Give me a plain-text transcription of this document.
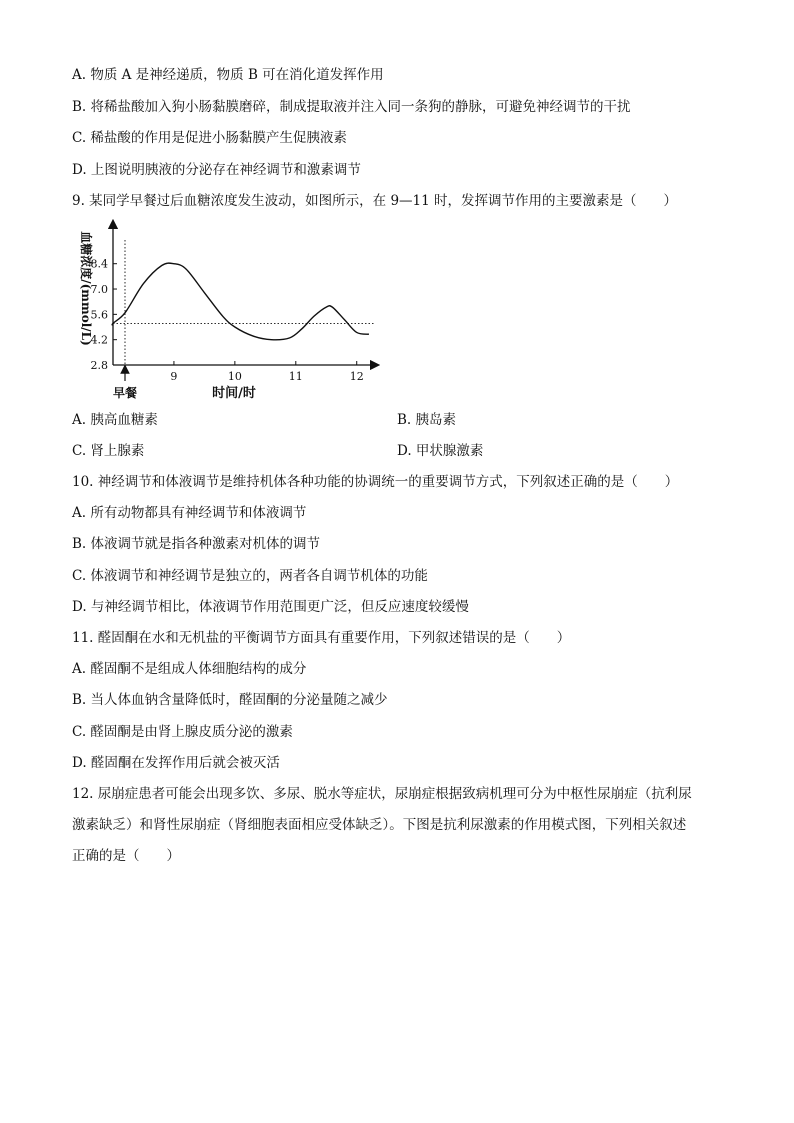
A. 物质 A 是神经递质，物质 B 可在消化道发挥作用
B. 将稀盐酸加入狗小肠黏膜磨碎，制成提取液并注入同一条狗的静脉，可避免神经调节的干扰
C. 稀盐酸的作用是促进小肠黏膜产生促胰液素
D. 上图说明胰液的分泌存在神经调节和激素调节
9. 某同学早餐过后血糖浓度发生波动，如图所示，在 9—11 时，发挥调节作用的主要激素是（　　）
2.8
4.2
5.6
7.0
8.4
9	10	11	12
早餐	时间/时
血糖浓度/(mmol/L)
A. 胰高血糖素	B. 胰岛素
C. 肾上腺素	D. 甲状腺激素
10. 神经调节和体液调节是维持机体各种功能的协调统一的重要调节方式，下列叙述正确的是（　　）
A. 所有动物都具有神经调节和体液调节
B. 体液调节就是指各种激素对机体的调节
C. 体液调节和神经调节是独立的，两者各自调节机体的功能
D. 与神经调节相比，体液调节作用范围更广泛，但反应速度较缓慢
11. 醛固酮在水和无机盐的平衡调节方面具有重要作用，下列叙述错误的是（　　）
A. 醛固酮不是组成人体细胞结构的成分
B. 当人体血钠含量降低时，醛固酮的分泌量随之减少
C. 醛固酮是由肾上腺皮质分泌的激素
D. 醛固酮在发挥作用后就会被灭活
12. 尿崩症患者可能会出现多饮、多尿、脱水等症状，尿崩症根据致病机理可分为中枢性尿崩症（抗利尿
激素缺乏）和肾性尿崩症（肾细胞表面相应受体缺乏）。下图是抗利尿激素的作用模式图，下列相关叙述
正确的是（　　）
